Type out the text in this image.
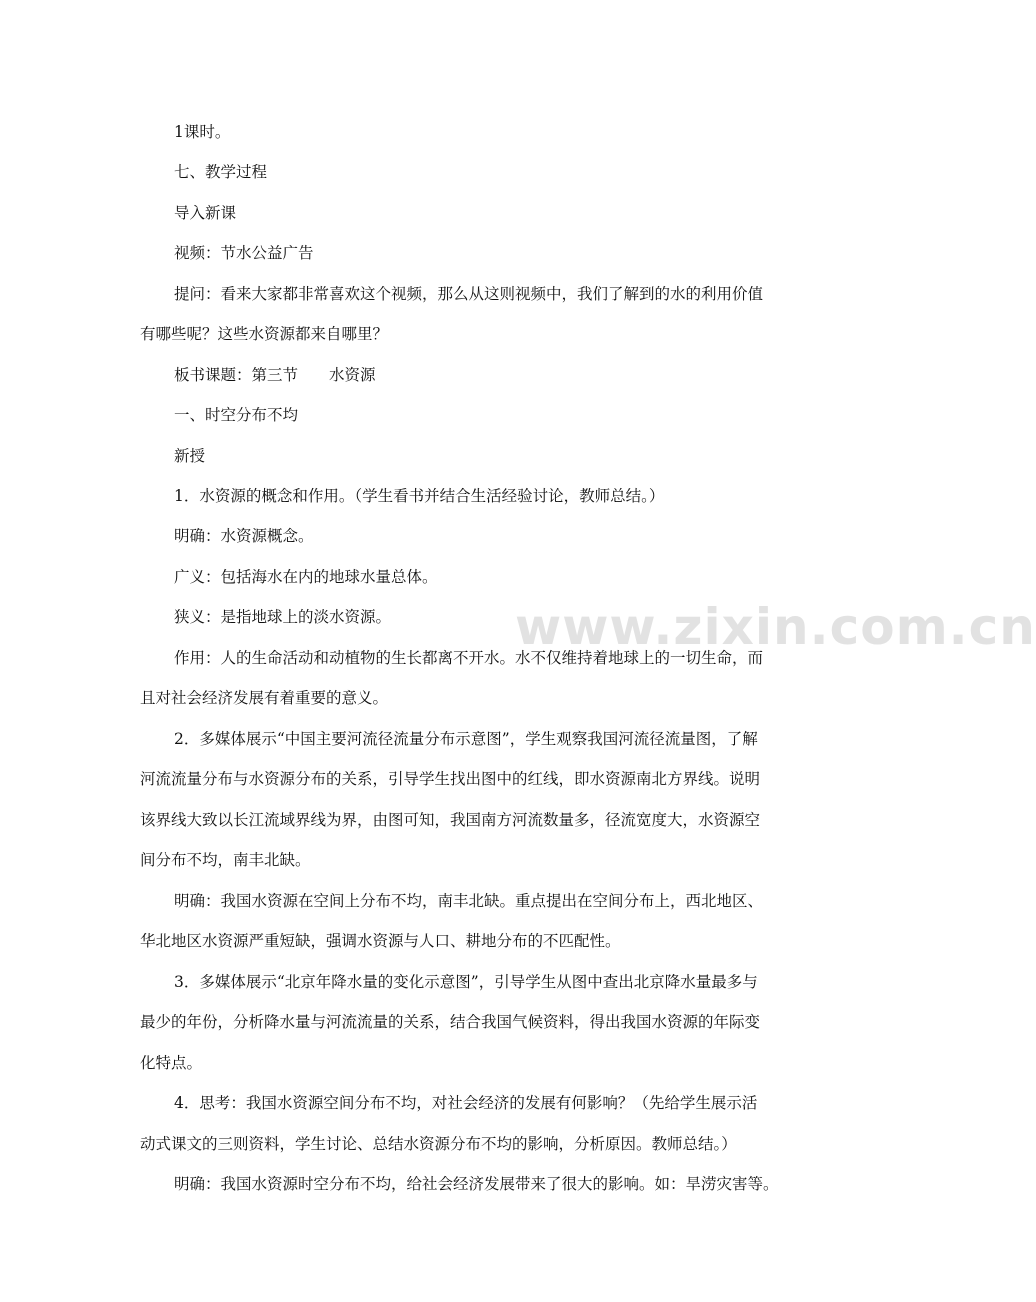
www.zixin.com.cn
1课时。
七、教学过程
导入新课
视频：节水公益广告
提问：看来大家都非常喜欢这个视频，那么从这则视频中，我们了解到的水的利用价值
有哪些呢？这些水资源都来自哪里？
板书课题：第三节　　水资源
一、时空分布不均
新授
1．水资源的概念和作用。（学生看书并结合生活经验讨论，教师总结。）
明确：水资源概念。
广义：包括海水在内的地球水量总体。
狭义：是指地球上的淡水资源。
作用：人的生命活动和动植物的生长都离不开水。水不仅维持着地球上的一切生命，而
且对社会经济发展有着重要的意义。
2．多媒体展示“中国主要河流径流量分布示意图”，学生观察我国河流径流量图，了解
河流流量分布与水资源分布的关系，引导学生找出图中的红线，即水资源南北方界线。说明
该界线大致以长江流域界线为界，由图可知，我国南方河流数量多，径流宽度大，水资源空
间分布不均，南丰北缺。
明确：我国水资源在空间上分布不均，南丰北缺。重点提出在空间分布上，西北地区、
华北地区水资源严重短缺，强调水资源与人口、耕地分布的不匹配性。
3．多媒体展示“北京年降水量的变化示意图”，引导学生从图中查出北京降水量最多与
最少的年份，分析降水量与河流流量的关系，结合我国气候资料，得出我国水资源的年际变
化特点。
4．思考：我国水资源空间分布不均，对社会经济的发展有何影响？（先给学生展示活
动式课文的三则资料，学生讨论、总结水资源分布不均的影响，分析原因。教师总结。）
明确：我国水资源时空分布不均，给社会经济发展带来了很大的影响。如：旱涝灾害等。
